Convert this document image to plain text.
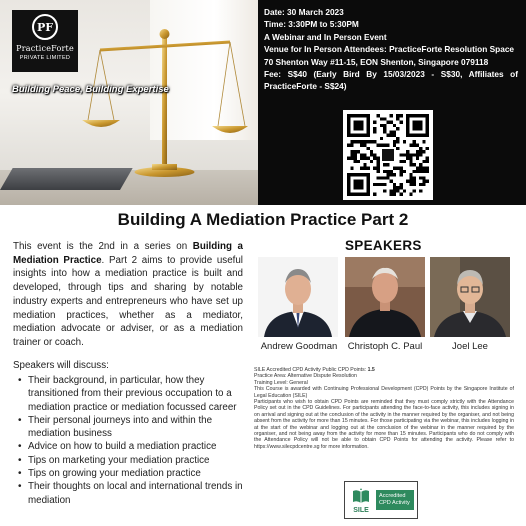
PF
PracticeForte
PRIVATE LIMITED
Building Peace, Building Expertise

Date: 30 March 2023

Time: 3:30PM to 5:30PM

A Webinar and In Person Event

Venue for In Person Attendees: PracticeForte Resolution Space

70 Shenton Way #11-15, EON Shenton, Singapore 079118

Fee: S$40 (Early Bird By 15/03/2023 - S$30, Affiliates of PracticeForte - S$24)

Building A Mediation Practice Part 2
This event is the 2nd in a series on Building a Mediation Practice. Part 2 aims to provide useful insights into how a mediation practice is built and developed, through tips and sharing by notable industry experts and entrepreneurs who have set up mediation practices, whether as a mediator, mediation advocate or adviser, or as a mediation trainer or coach.
Speakers will discuss:
• Their background, in particular, how they transitioned from their previous occupation to a mediation practice or mediation focussed career
• Their personal journeys into and within the mediation business
• Advice on how to build a mediation practice
• Tips on marketing your mediation practice
• Tips on growing your mediation practice
• Their thoughts on local and international trends in mediation
SPEAKERS
Andrew Goodman	Christoph C. Paul	Joel Lee

SILE Accredited CPD Activity Public CPD Points: 1.5

Practice Area: Alternative Dispute Resolution

Training Level: General

This Course is awarded with Continuing Professional Development (CPD) Points by the Singapore Institute of Legal Education (SILE)

Participants who wish to obtain CPD Points are reminded that they must comply strictly with the Attendance Policy set out in the CPD Guidelines. For participants attending the face-to-face activity, this includes signing in on arrival and signing out at the conclusion of the activity in the manner required by the organiser, and not being absent from the activity for more than 15 minutes. For those participating via the webinar, this includes logging in at the start of the webinar and logging out at the conclusion of the webinar in the manner required by the organiser, and not being away from the activity for more than 15 minutes. Participants who do not comply with the Attendance Policy will not be able to obtain CPD Points for attending the activity. Please refer to https://www.silecpdcentre.sg for more information.

SILE
Accredited CPD Activity
